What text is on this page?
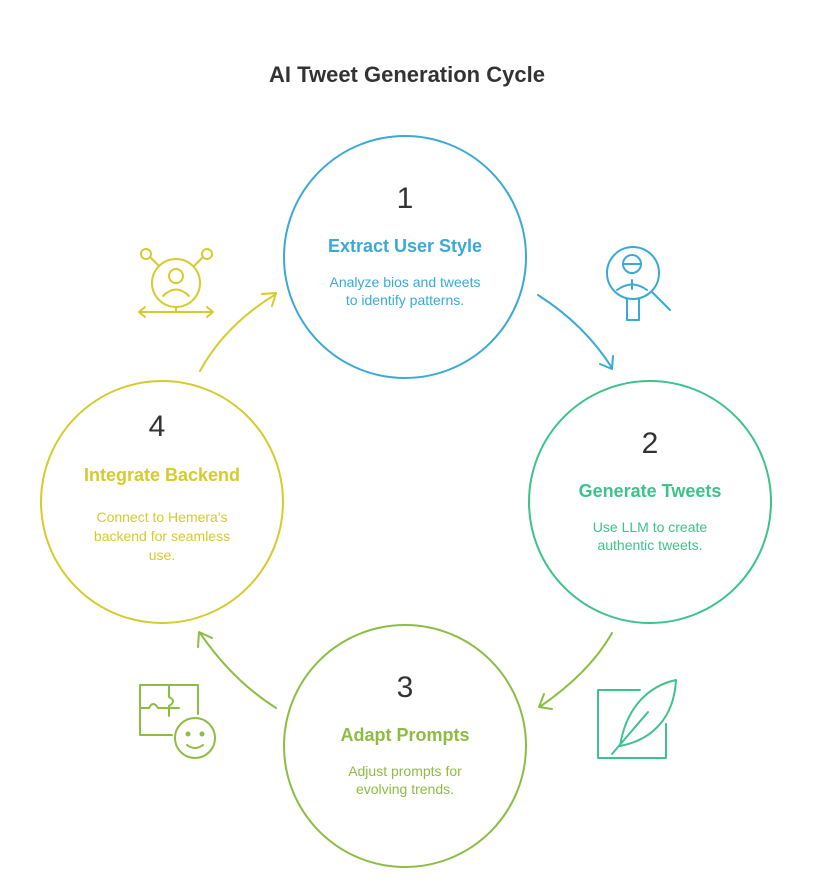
AI Tweet Generation Cycle
1
Extract User Style
Analyze bios and tweets
to identify patterns.
2
Generate Tweets
Use LLM to create
authentic tweets.
3
Adapt Prompts
Adjust prompts for
evolving trends.
4
Integrate Backend
Connect to Hemera's
backend for seamless
use.
